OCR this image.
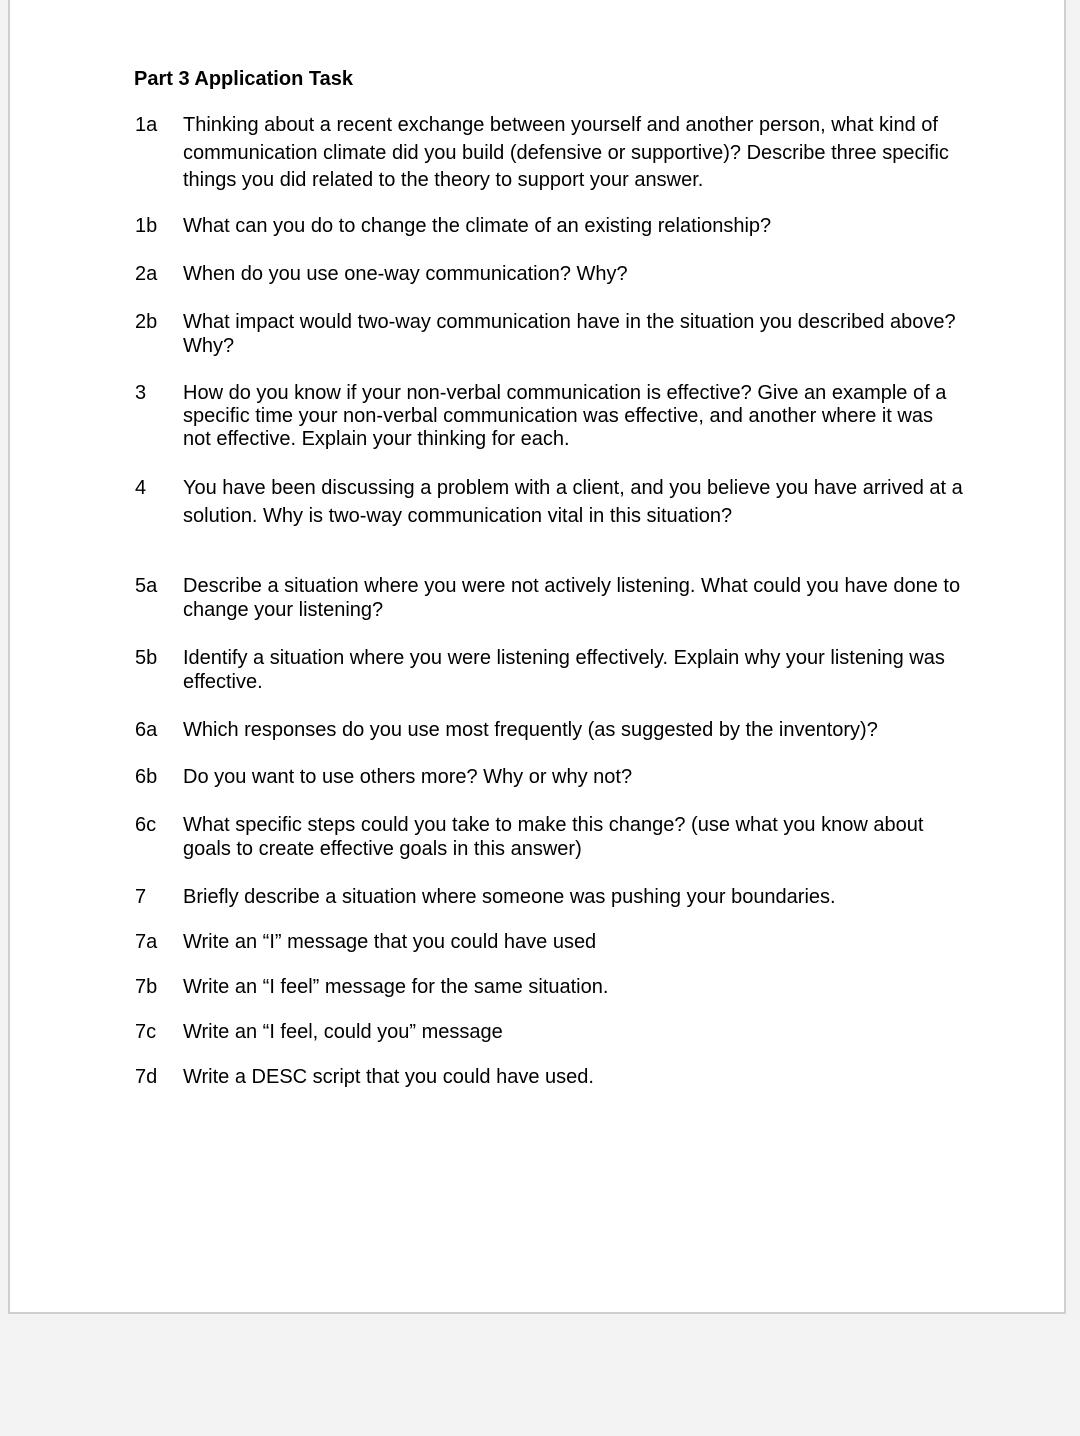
Part 3 Application Task
1a	Thinking about a recent exchange between yourself and another person, what kind of communication climate did you build (defensive or supportive)? Describe three specific things you did related to the theory to support your answer.
1b	What can you do to change the climate of an existing relationship?
2a	When do you use one-way communication? Why?
2b	What impact would two-way communication have in the situation you described above? Why?
3	How do you know if your non-verbal communication is effective? Give an example of a specific time your non-verbal communication was effective, and another where it was not effective. Explain your thinking for each.
4	You have been discussing a problem with a client, and you believe you have arrived at a solution. Why is two-way communication vital in this situation?
5a	Describe a situation where you were not actively listening. What could you have done to change your listening?
5b	Identify a situation where you were listening effectively. Explain why your listening was effective.
6a	Which responses do you use most frequently (as suggested by the inventory)?
6b	Do you want to use others more? Why or why not?
6c	What specific steps could you take to make this change? (use what you know about goals to create effective goals in this answer)
7	Briefly describe a situation where someone was pushing your boundaries.
7a	Write an “I” message that you could have used
7b	Write an “I feel” message for the same situation.
7c	Write an “I feel, could you” message
7d	Write a DESC script that you could have used.
